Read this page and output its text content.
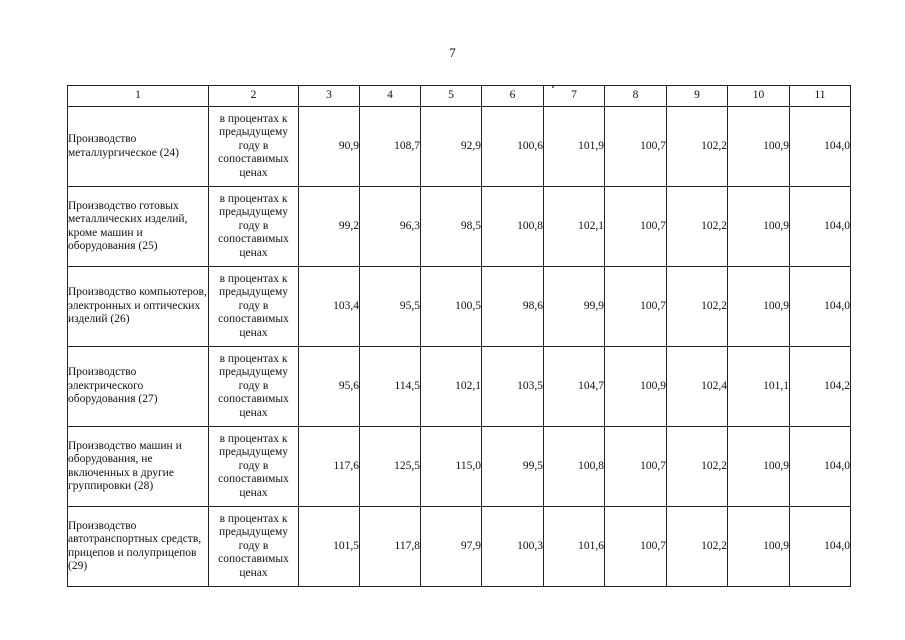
7
1	2	3	4	5	6	7	8	9	10	11
Производство металлургическое (24)	в процентах к предыдущему году в сопоставимых ценах	90,9	108,7	92,9	100,6	101,9	100,7	102,2	100,9	104,0
Производство готовых металлических изделий, кроме машин и оборудования (25)	в процентах к предыдущему году в сопоставимых ценах	99,2	96,3	98,5	100,8	102,1	100,7	102,2	100,9	104,0
Производство компьютеров, электронных и оптических изделий (26)	в процентах к предыдущему году в сопоставимых ценах	103,4	95,5	100,5	98,6	99,9	100,7	102,2	100,9	104,0
Производство электрического оборудования (27)	в процентах к предыдущему году в сопоставимых ценах	95,6	114,5	102,1	103,5	104,7	100,9	102,4	101,1	104,2
Производство машин и оборудования, не включенных в другие группировки (28)	в процентах к предыдущему году в сопоставимых ценах	117,6	125,5	115,0	99,5	100,8	100,7	102,2	100,9	104,0
Производство автотранспортных средств, прицепов и полуприцепов (29)	в процентах к предыдущему году в сопоставимых ценах	101,5	117,8	97,9	100,3	101,6	100,7	102,2	100,9	104,0
